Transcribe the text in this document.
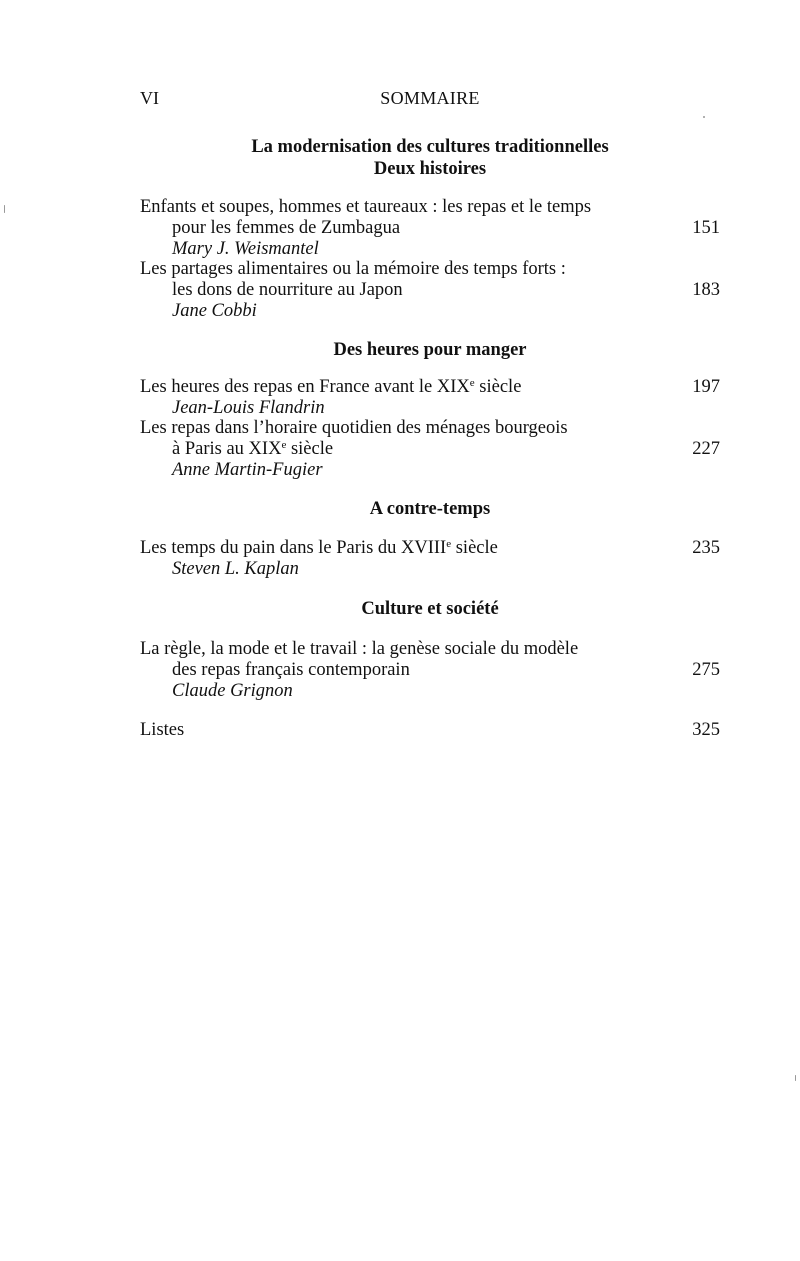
VI	SOMMAIRE
La modernisation des cultures traditionnelles
Deux histoires
Enfants et soupes, hommes et taureaux : les repas et le temps
pour les femmes de Zumbagua	151
Mary J. Weismantel
Les partages alimentaires ou la mémoire des temps forts :
les dons de nourriture au Japon	183
Jane Cobbi
Des heures pour manger
Les heures des repas en France avant le XIXe siècle	197
Jean-Louis Flandrin
Les repas dans l’horaire quotidien des ménages bourgeois
à Paris au XIXe siècle	227
Anne Martin-Fugier
A contre-temps
Les temps du pain dans le Paris du XVIIIe siècle	235
Steven L. Kaplan
Culture et société
La règle, la mode et le travail : la genèse sociale du modèle
des repas français contemporain	275
Claude Grignon
Listes	325
